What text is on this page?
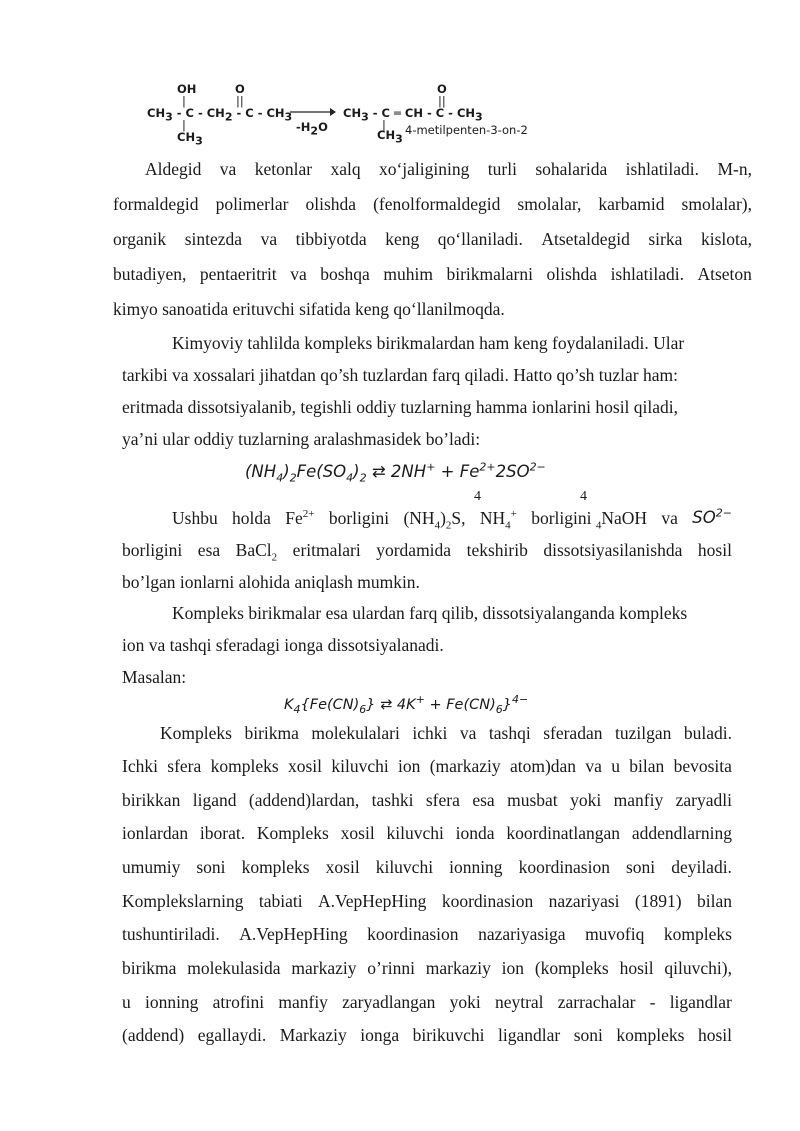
OH	O
|	||
$CH_3$ - C - $CH_2$ - C - $CH_3$
|
$CH_3$
$-H_2O$
O
||
$CH_3$ - C ═ CH - C - $CH_3$
|
$CH_3$
4-metilpenten-3-on-2
Aldegid va ketonlar xalq xo‘jaligining turli sohalarida ishlatiladi. M-n,
formaldegid polimerlar olishda (fenolformaldegid smolalar, karbamid smolalar),
organik sintezda va tibbiyotda keng qo‘llaniladi. Atsetaldegid sirka kislota,
butadiyen, pentaeritrit va boshqa muhim birikmalarni olishda ishlatiladi. Atseton
kimyo sanoatida erituvchi sifatida keng qo‘llanilmoqda.
Kimyoviy tahlilda kompleks birikmalardan ham keng foydalaniladi. Ular
tarkibi va xossalari jihatdan qo’sh tuzlardan farq qiladi. Hatto qo’sh tuzlar ham:
eritmada dissotsiyalanib, tegishli oddiy tuzlarning hamma ionlarini hosil qiladi,
ya’ni ular oddiy tuzlarning aralashmasidek bo’ladi:
$(NH_4)_2Fe(SO_4)_2$ ⇄ $2NH^+ + Fe^{2+}2SO^{2-}$
4	4
Ushbu holda $Fe^{2+}$ borligini $(NH_4)_2S$, $NH_4^+$ borligini $_4$NaOH va $SO^{2-}$
borligini esa BaCl$_2$ eritmalari yordamida tekshirib dissotsiyasilanishda hosil
bo’lgan ionlarni alohida aniqlash mumkin.
Kompleks birikmalar esa ulardan farq qilib, dissotsiyalanganda kompleks
ion va tashqi sferadagi ionga dissotsiyalanadi.
Masalan:
$K_4\{Fe(CN)_6\}$ ⇄ $4K^+ + Fe(CN)_6\}^{4-}$
Kompleks birikma molekulalari ichki va tashqi sferadan tuzilgan buladi.
Ichki sfera kompleks xosil kiluvchi ion (markaziy atom)dan va u bilan bevosita
birikkan ligand (addend)lardan, tashki sfera esa musbat yoki manfiy zaryadli
ionlardan iborat. Kompleks xosil kiluvchi ionda koordinatlangan addendlarning
umumiy soni kompleks xosil kiluvchi ionning koordinasion soni deyiladi.
Komplekslarning tabiati A.VepHepHing koordinasion nazariyasi (1891) bilan
tushuntiriladi. A.VepHepHing koordinasion nazariyasiga muvofiq kompleks
birikma molekulasida markaziy o’rinni markaziy ion (kompleks hosil qiluvchi),
u ionning atrofini manfiy zaryadlangan yoki neytral zarrachalar - ligandlar
(addend) egallaydi. Markaziy ionga birikuvchi ligandlar soni kompleks hosil
